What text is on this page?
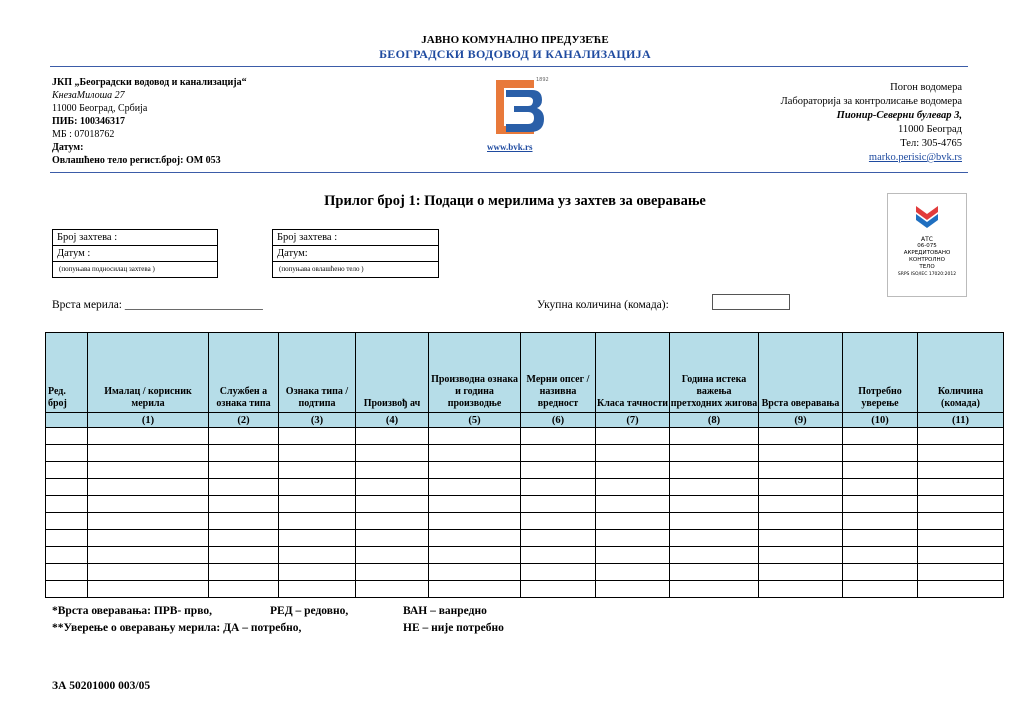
ЈАВНО КОМУНАЛНО ПРЕДУЗЕЋЕ
БЕОГРАДСКИ ВОДОВОД И КАНАЛИЗАЦИЈА
ЈКП „Београдски водовод и канализација“
КнезаМилоша 27
11000 Београд, Србија
ПИБ: 100346317
МБ : 07018762
Датум:
Овлашћено тело регист.број: ОМ 053
1892
www.bvk.rs
Погон водомера
Лабораторија за контролисање водомера
Пионир-Северни булевар 3,
11000 Београд
Тел: 305-4765
marko.perisic@bvk.rs
Прилог број 1: Подаци о мерилима уз захтев за оверавање
АТС
06-075
АКРЕДИТОВАНО
КОНТРОЛНО
ТЕЛО
SRPS ISO/IEC 17020:2012
Број захтева :
Датум :
(попуњава подносилац захтева )
Број захтева :
Датум:
(попуњава овлашћено тело )
Врста мерила: ________________________	Укупна количина (комада):
Ред. број	Ималац / корисник мерила	Службен а ознака типа	Ознака типа / подтипа	Произвођ ач	Производна ознака и година производње	Мерни опсег / називна вредност	Класа тачности	Година истека важења претходних жигова	Врста оверавања	Потребно уверење	Количина (комада)
	(1)	(2)	(3)	(4)	(5)	(6)	(7)	(8)	(9)	(10)	(11)

*Врста оверавања: ПРВ- прво,	РЕД – редовно,	ВАН – ванредно
**Уверење о оверавању мерила: ДА – потребно,	НЕ – није потребно
ЗА 50201000 003/05
